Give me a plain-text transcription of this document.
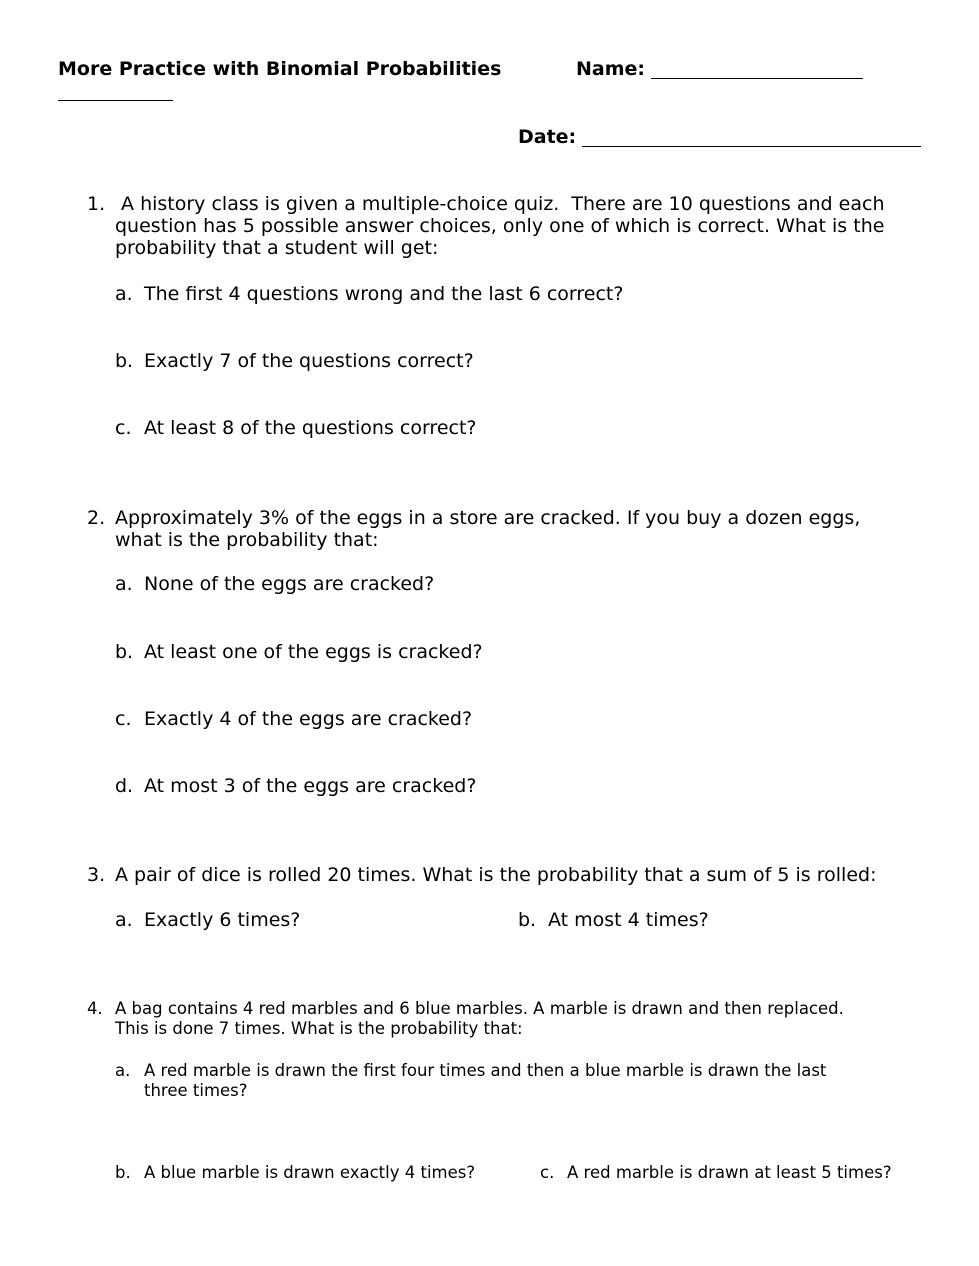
More Practice with Binomial Probabilities	Name:
Date:
1. A history class is given a multiple-choice quiz.  There are 10 questions and each
question has 5 possible answer choices, only one of which is correct. What is the
probability that a student will get:
a. The first 4 questions wrong and the last 6 correct?
b. Exactly 7 of the questions correct?
c. At least 8 of the questions correct?
2. Approximately 3% of the eggs in a store are cracked. If you buy a dozen eggs,
what is the probability that:
a. None of the eggs are cracked?
b. At least one of the eggs is cracked?
c. Exactly 4 of the eggs are cracked?
d. At most 3 of the eggs are cracked?
3. A pair of dice is rolled 20 times. What is the probability that a sum of 5 is rolled:
a. Exactly 6 times?	b. At most 4 times?
4. A bag contains 4 red marbles and 6 blue marbles. A marble is drawn and then replaced.
This is done 7 times. What is the probability that:
a. A red marble is drawn the first four times and then a blue marble is drawn the last
three times?
b. A blue marble is drawn exactly 4 times?	c. A red marble is drawn at least 5 times?
